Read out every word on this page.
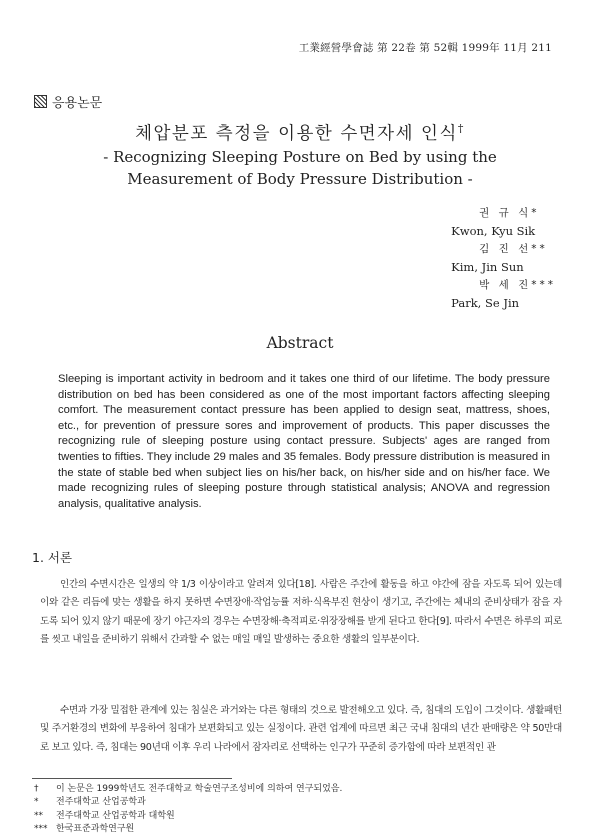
工業經營學會誌 第 22卷 第 52輯 1999年 11月 211
응용논문
체압분포 측정을 이용한 수면자세 인식†
- Recognizing Sleeping Posture on Bed by using the
Measurement of Body Pressure Distribution -
권 규 식*
Kwon, Kyu Sik
김 진 선**
Kim, Jin Sun
박 세 진***
Park, Se Jin
Abstract
Sleeping is important activity in bedroom and it takes one third of our lifetime. The body pressure distribution on bed has been considered as one of the most important factors affecting sleeping comfort. The measurement contact pressure has been applied to design seat, mattress, shoes, etc., for prevention of pressure sores and improvement of products. This paper discusses the recognizing rule of sleeping posture using contact pressure. Subjects' ages are ranged from twenties to fifties. They include 29 males and 35 females. Body pressure distribution is measured in the state of stable bed when subject lies on his/her back, on his/her side and on his/her face. We made recognizing rules of sleeping posture through statistical analysis; ANOVA and regression analysis, qualitative analysis.
1. 서론
인간의 수면시간은 일생의 약 1/3 이상이라고 알려져 있다[18]. 사람은 주간에 활동을 하고 야간에 잠을 자도록 되어 있는데 이와 같은 리듬에 맞는 생활을 하지 못하면 수면장애·작업능률 저하·식욕부진 현상이 생기고, 주간에는 체내의 준비상태가 잠을 자도록 되어 있지 않기 때문에 장기 야근자의 경우는 수면장해·축적피로·위장장해를 받게 된다고 한다[9]. 따라서 수면은 하루의 피로를 씻고 내일을 준비하기 위해서 간과할 수 없는 매일 매일 발생하는 중요한 생활의 일부분이다.
수면과 가장 밀접한 관계에 있는 침실은 과거와는 다른 형태의 것으로 발전해오고 있다. 즉, 침대의 도입이 그것이다. 생활패턴 및 주거환경의 변화에 부응하여 침대가 보편화되고 있는 실정이다. 관련 업계에 따르면 최근 국내 침대의 년간 판매량은 약 50만대로 보고 있다. 즉, 침대는 90년대 이후 우리 나라에서 잠자리로 선택하는 인구가 꾸준히 증가함에 따라 보편적인 관
† 이 논문은 1999학년도 전주대학교 학술연구조성비에 의하여 연구되었음.
* 전주대학교 산업공학과
** 전주대학교 산업공학과 대학원
*** 한국표준과학연구원
